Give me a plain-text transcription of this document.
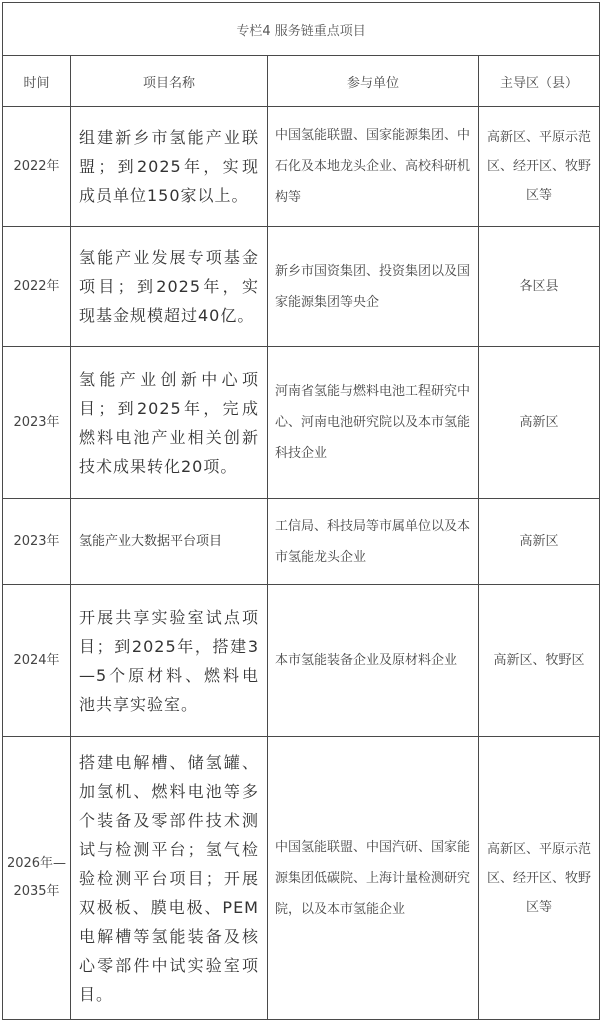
专栏4 服务链重点项目			
时间	项目名称	参与单位	主导区（县）
2022年	组建新乡市氢能产业联盟；到2025年，实现成员单位150家以上。	中国氢能联盟、国家能源集团、中石化及本地龙头企业、高校科研机构等	高新区、平原示范区、经开区、牧野区等
2022年	氢能产业发展专项基金项目；到2025年，实现基金规模超过40亿。	新乡市国资集团、投资集团以及国家能源集团等央企	各区县
2023年	氢能产业创新中心项目；到2025年，完成燃料电池产业相关创新技术成果转化20项。	河南省氢能与燃料电池工程研究中心、河南电池研究院以及本市氢能科技企业	高新区
2023年	氢能产业大数据平台项目	工信局、科技局等市属单位以及本市氢能龙头企业	高新区
2024年	开展共享实验室试点项目；到2025年，搭建3—5个原材料、燃料电池共享实验室。	本市氢能装备企业及原材料企业	高新区、牧野区
2026年—2035年	搭建电解槽、储氢罐、加氢机、燃料电池等多个装备及零部件技术测试与检测平台；氢气检验检测平台项目；开展双极板、膜电极、PEM电解槽等氢能装备及核心零部件中试实验室项目。	中国氢能联盟、中国汽研、国家能源集团低碳院、上海计量检测研究院，以及本市氢能企业	高新区、平原示范区、经开区、牧野区等
